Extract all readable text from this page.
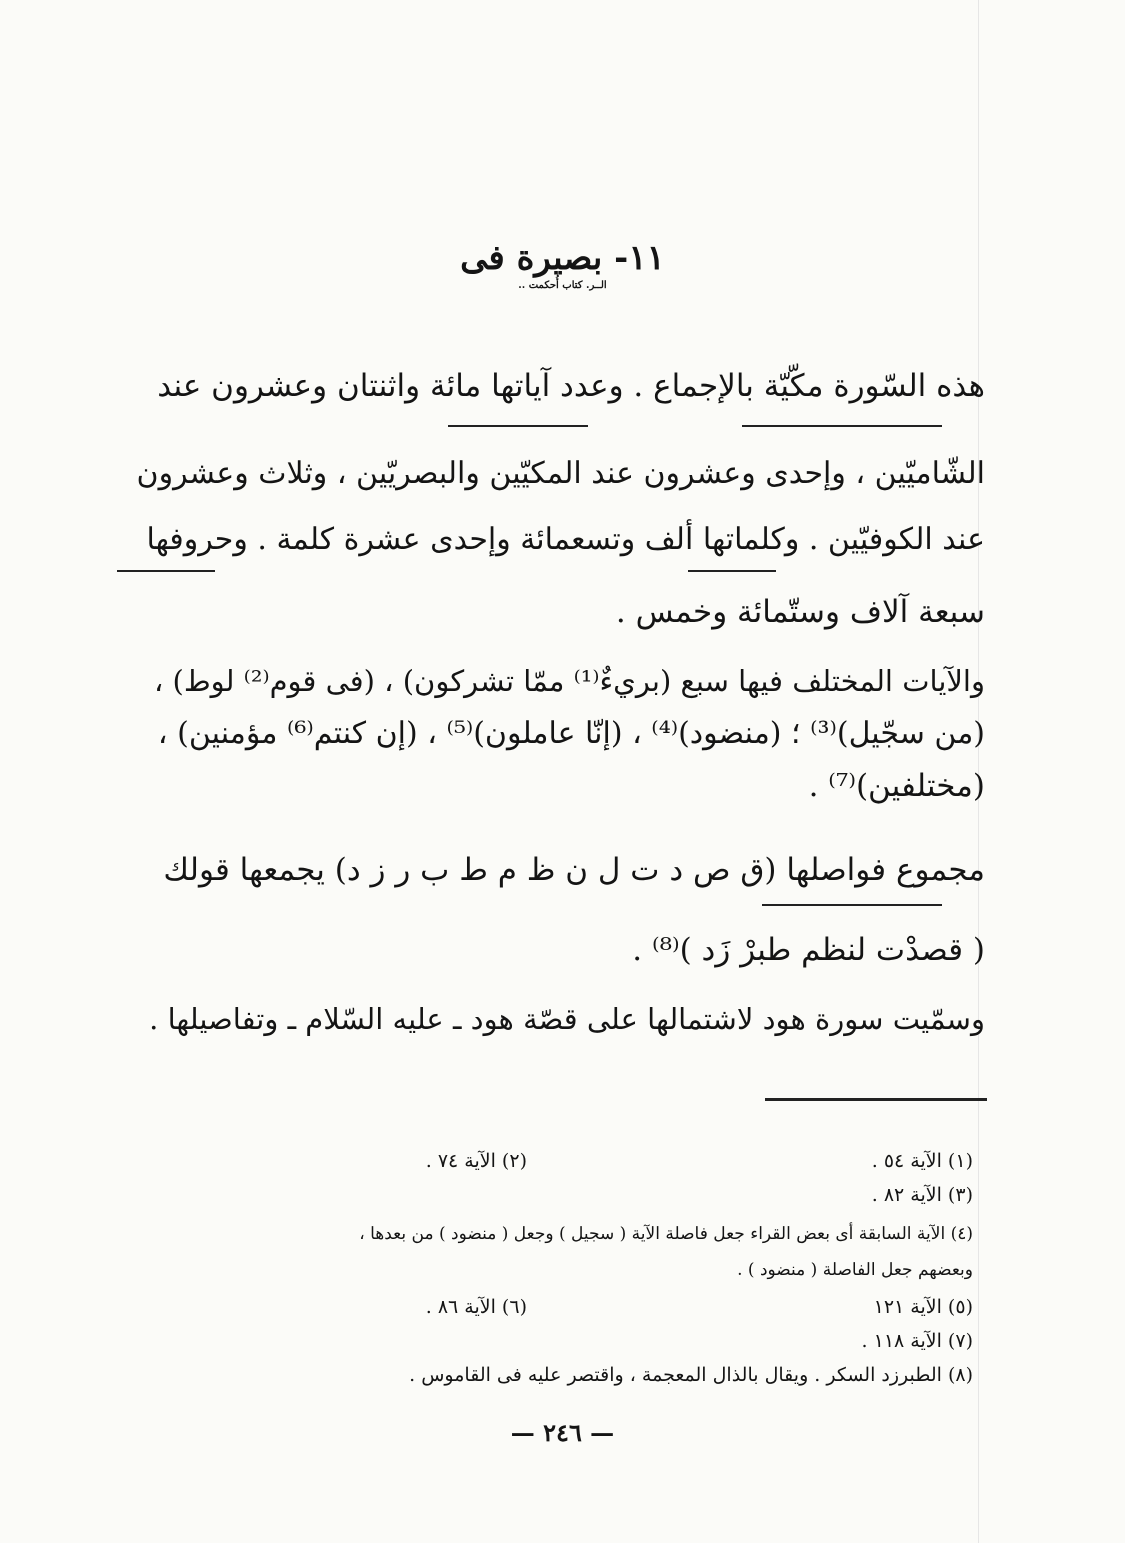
١١- بصيرة فى
الــر. كتاب أُحكمت ..
هذه السّورة مكّيّة بالإجماع . وعدد آياتها مائة واثنتان وعشرون عند
الشّاميّين ، وإحدى وعشرون عند المكيّين والبصريّين ، وثلاث وعشرون
عند الكوفيّين . وكلماتها ألف وتسعمائة وإحدى عشرة كلمة . وحروفها
سبعة آلاف وستّمائة وخمس .
والآيات المختلف فيها سبع (بريءٌ⁽¹⁾ ممّا تشركون) ، (فى قوم⁽²⁾ لوط) ،
(من سجّيل)⁽³⁾ ؛ (منضود)⁽⁴⁾ ، (إنّا عاملون)⁽⁵⁾ ، (إن كنتم⁽⁶⁾ مؤمنين) ،
(مختلفين)⁽⁷⁾ .
مجموع فواصلها (ق ص د ت ل ن ظ م ط ب ر ز د) يجمعها قولك
( قصدْت لنظم طبرْ زَد )⁽⁸⁾ .
وسمّيت سورة هود لاشتمالها على قصّة هود ـ عليه السّلام ـ وتفاصيلها .
(١) الآية ٥٤ .
(٢) الآية ٧٤ .
(٣) الآية ٨٢ .
(٤) الآية السابقة أى بعض القراء جعل فاصلة الآية ( سجيل ) وجعل ( منضود ) من بعدها ،
وبعضهم جعل الفاصلة ( منضود ) .
(٥) الآية ١٢١
(٦) الآية ٨٦ .
(٧) الآية ١١٨ .
(٨) الطبرزد السكر . ويقال بالذال المعجمة ، واقتصر عليه فى القاموس .
— ٢٤٦ —
